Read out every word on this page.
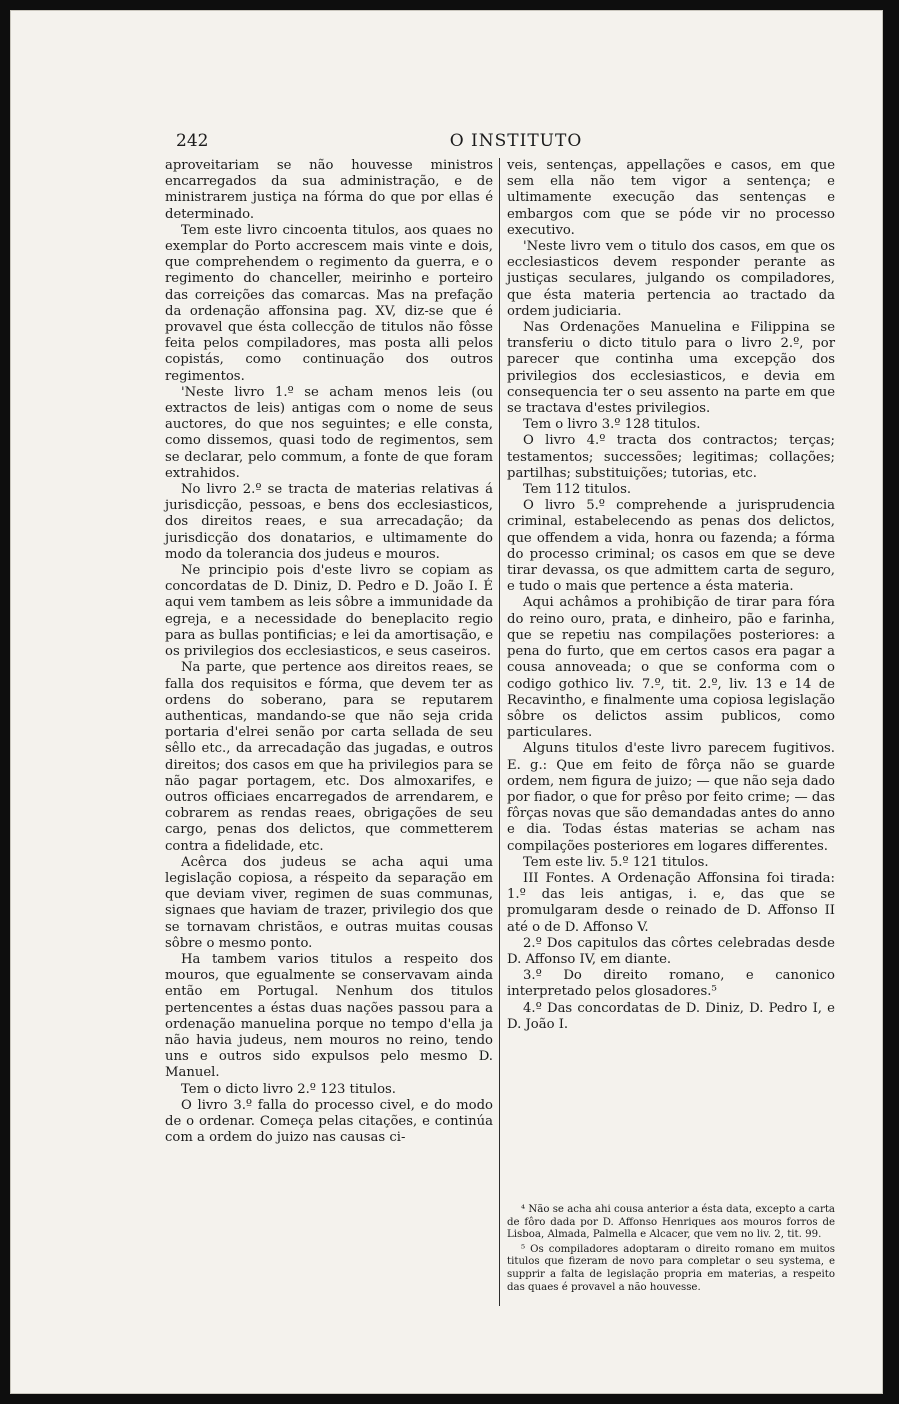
242	O INSTITUTO

aproveitariam se não houvesse ministros encarregados da sua administração, e de ministrarem justiça na fórma do que por ellas é determinado.

Tem este livro cincoenta titulos, aos quaes no exemplar do Porto accrescem mais vinte e dois, que comprehendem o regimento da guerra, e o regimento do chanceller, meirinho e porteiro das correições das comarcas. Mas na prefação da ordenação affonsina pag. XV, diz-se que é provavel que ésta collecção de titulos não fôsse feita pelos compiladores, mas posta alli pelos copistás, como continuação dos outros regimentos.

'Neste livro 1.º se acham menos leis (ou extractos de leis) antigas com o nome de seus auctores, do que nos seguintes; e elle consta, como dissemos, quasi todo de regimentos, sem se declarar, pelo commum, a fonte de que foram extrahidos.

No livro 2.º se tracta de materias relativas á jurisdicção, pessoas, e bens dos ecclesiasticos, dos direitos reaes, e sua arrecadação; da jurisdicção dos donatarios, e ultimamente do modo da tolerancia dos judeus e mouros.

Ne principio pois d'este livro se copiam as concordatas de D. Diniz, D. Pedro e D. João I. É aqui vem tambem as leis sôbre a immunidade da egreja, e a necessidade do beneplacito regio para as bullas pontificias; e lei da amortisação, e os privilegios dos ecclesiasticos, e seus caseiros.

Na parte, que pertence aos direitos reaes, se falla dos requisitos e fórma, que devem ter as ordens do soberano, para se reputarem authenticas, mandando-se que não seja crida portaria d'elrei senão por carta sellada de seu sêllo etc., da arrecadação das jugadas, e outros direitos; dos casos em que ha privilegios para se não pagar portagem, etc. Dos almoxarifes, e outros officiaes encarregados de arrendarem, e cobrarem as rendas reaes, obrigações de seu cargo, penas dos delictos, que commetterem contra a fidelidade, etc.

Acêrca dos judeus se acha aqui uma legislação copiosa, a réspeito da separação em que deviam viver, regimen de suas communas, signaes que haviam de trazer, privilegio dos que se tornavam christãos, e outras muitas cousas sôbre o mesmo ponto.

Ha tambem varios titulos a respeito dos mouros, que egualmente se conservavam ainda então em Portugal. Nenhum dos titulos pertencentes a éstas duas nações passou para a ordenação manuelina porque no tempo d'ella ja não havia judeus, nem mouros no reino, tendo uns e outros sido expulsos pelo mesmo D. Manuel.

Tem o dicto livro 2.º 123 titulos.

O livro 3.º falla do processo civel, e do modo de o ordenar. Começa pelas citações, e continúa com a ordem do juizo nas causas ci-

veis, sentenças, appellações e casos, em que sem ella não tem vigor a sentença; e ultimamente execução das sentenças e embargos com que se póde vir no processo executivo.

'Neste livro vem o titulo dos casos, em que os ecclesiasticos devem responder perante as justiças seculares, julgando os compiladores, que ésta materia pertencia ao tractado da ordem judiciaria.

Nas Ordenações Manuelina e Filippina se transferiu o dicto titulo para o livro 2.º, por parecer que continha uma excepção dos privilegios dos ecclesiasticos, e devia em consequencia ter o seu assento na parte em que se tractava d'estes privilegios.

Tem o livro 3.º 128 titulos.

O livro 4.º tracta dos contractos; terças; testamentos; successões; legitimas; collações; partilhas; substituições; tutorias, etc.

Tem 112 titulos.

O livro 5.º comprehende a jurisprudencia criminal, estabelecendo as penas dos delictos, que offendem a vida, honra ou fazenda; a fórma do processo criminal; os casos em que se deve tirar devassa, os que admittem carta de seguro, e tudo o mais que pertence a ésta materia.

Aqui achâmos a prohibição de tirar para fóra do reino ouro, prata, e dinheiro, pão e farinha, que se repetiu nas compilações posteriores: a pena do furto, que em certos casos era pagar a cousa annoveada; o que se conforma com o codigo gothico liv. 7.º, tit. 2.º, liv. 13 e 14 de Recavintho, e finalmente uma copiosa legislação sôbre os delictos assim publicos, como particulares.

Alguns titulos d'este livro parecem fugitivos. E. g.: Que em feito de fôrça não se guarde ordem, nem figura de juizo; — que não seja dado por fiador, o que for prêso por feito crime; — das fôrças novas que são demandadas antes do anno e dia. Todas éstas materias se acham nas compilações posteriores em logares differentes.

Tem este liv. 5.º 121 titulos.

III Fontes. A Ordenação Affonsina foi tirada: 1.º das leis antigas, i. e, das que se promulgaram desde o reinado de D. Affonso II até o de D. Affonso V.

2.º Dos capitulos das côrtes celebradas desde D. Affonso IV, em diante.

3.º Do direito romano, e canonico interpretado pelos glosadores.⁵

4.º Das concordatas de D. Diniz, D. Pedro I, e D. João I.

⁴ Não se acha ahi cousa anterior a ésta data, excepto a carta de fôro dada por D. Affonso Henriques aos mouros forros de Lisboa, Almada, Palmella e Alcacer, que vem no liv. 2, tit. 99.

⁵ Os compiladores adoptaram o direito romano em muitos titulos que fizeram de novo para completar o seu systema, e supprir a falta de legislação propria em materias, a respeito das quaes é provavel a não houvesse.
